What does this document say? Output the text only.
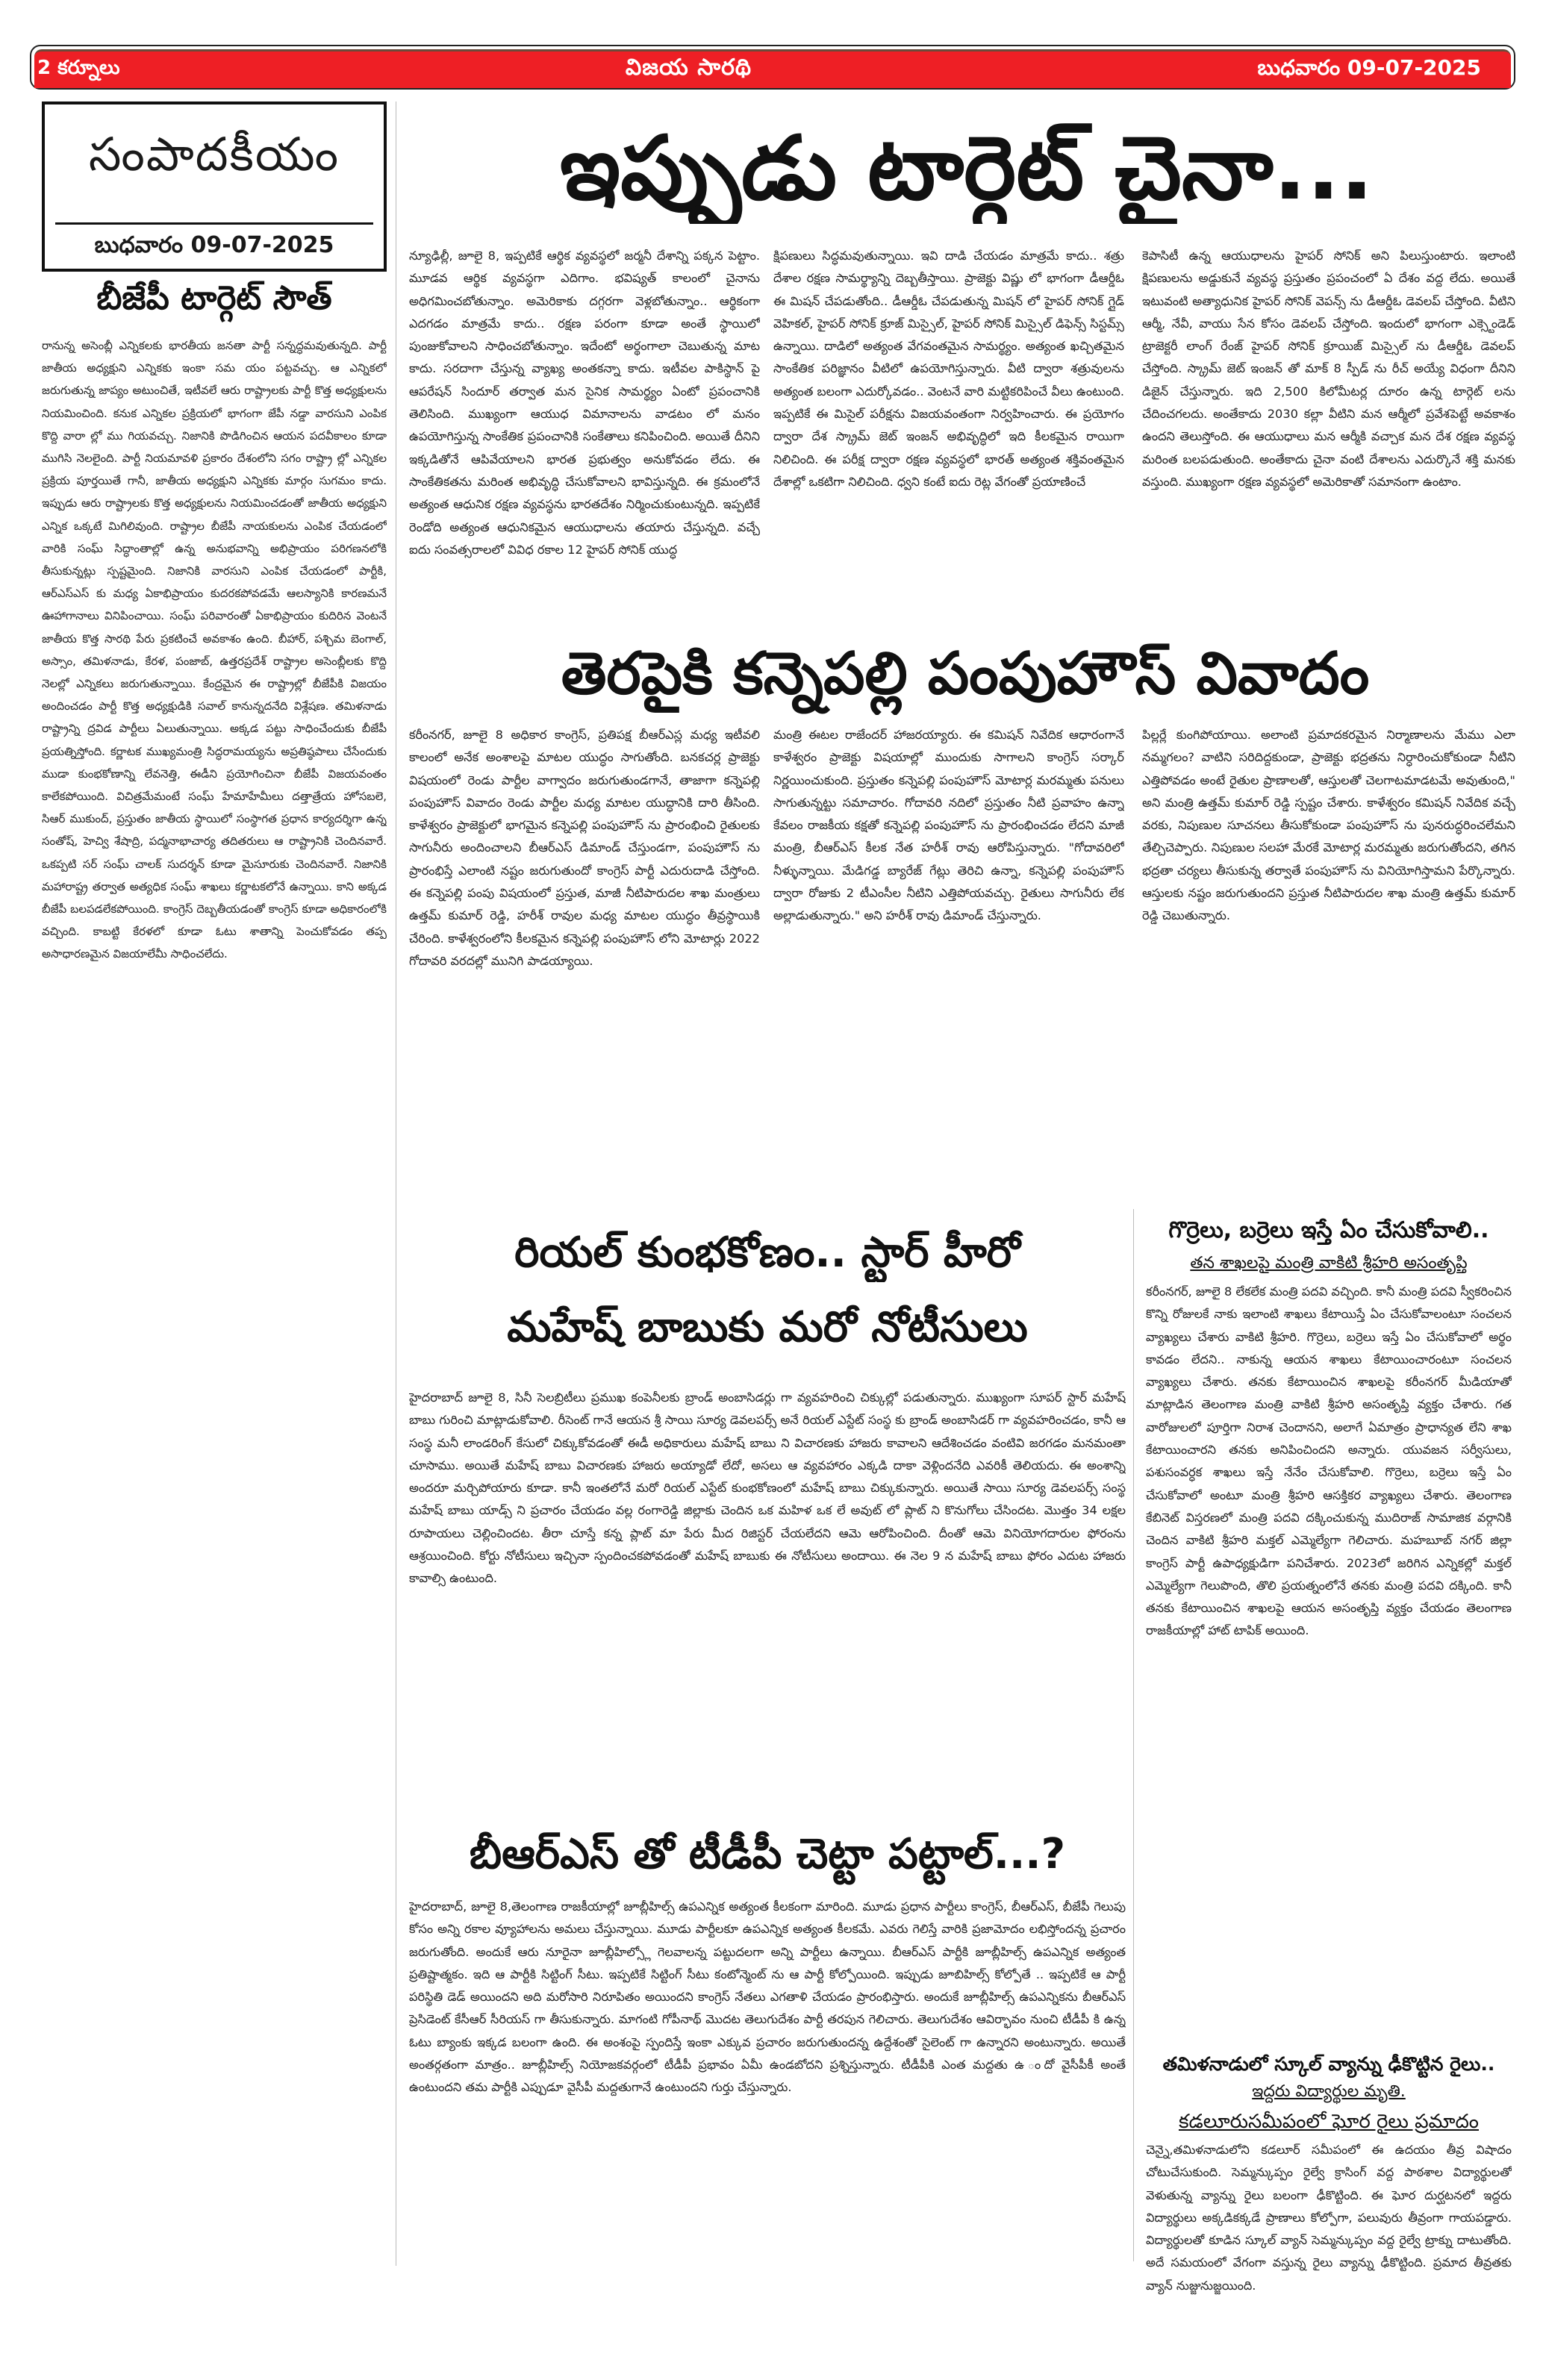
2 కర్నూలు	విజయ సారథి	బుధవారం 09-07-2025
సంపాదకీయం
బుధవారం 09-07-2025
బీజేపీ టార్గెట్ సౌత్
రానున్న అసెంబ్లీ ఎన్నికలకు భారతీయ జనతా పార్టీ సన్నద్ధమవుతున్నది. పార్టీ జాతీయ అధ్యక్షుని ఎన్నికకు ఇంకా సమ యం పట్టవచ్చు. ఆ ఎన్నికలో జరుగుతున్న జాప్యం అటుంచితే, ఇటీవలే ఆరు రాష్ట్రాలకు పార్టీ కొత్త అధ్యక్షులను నియమించింది. కనుక ఎన్నికల ప్రక్రియలో భాగంగా జేపీ నడ్డా వారసుని ఎంపిక కొద్ది వారా ల్లో ము గియవచ్చు. నిజానికి పొడిగించిన ఆయన పదవీకాలం కూడా ముగిసి నెలలైంది. పార్టీ నియమావళి ప్రకారం దేశంలోని సగం రాష్ట్రా ల్లో ఎన్నికల ప్రక్రియ పూర్తయితే గానీ, జాతీయ అధ్యక్షుని ఎన్నికకు మార్గం సుగమం కాదు. ఇప్పుడు ఆరు రాష్ట్రాలకు కొత్త అధ్యక్షులను నియమించడంతో జాతీయ అధ్యక్షుని ఎన్నిక ఒక్కటే మిగిలివుంది. రాష్ట్రాల బీజేపీ నాయకులను ఎంపిక చేయడంలో వారికి సంఘ్ సిద్ధాంతాల్లో ఉన్న అనుభవాన్ని అభిప్రాయం పరిగణనలోకి తీసుకున్నట్లు స్పష్టమైంది. నిజానికి వారసుని ఎంపిక చేయడంలో పార్టీకి, ఆర్ఎస్ఎస్ కు మధ్య ఏకాభిప్రాయం కుదరకపోవడమే ఆలస్యానికి కారణమనే ఊహాగానాలు వినిపించాయి. సంఘ్ పరివారంతో ఏకాభిప్రాయం కుదిరిన వెంటనే జాతీయ కొత్త సారథి పేరు ప్రకటించే అవకాశం ఉంది. బీహార్, పశ్చిమ బెంగాల్, అస్సాం, తమిళనాడు, కేరళ, పంజాబ్, ఉత్తరప్రదేశ్ రాష్ట్రాల అసెంబ్లీలకు కొద్ది నెలల్లో ఎన్నికలు జరుగుతున్నాయి. కేంద్రమైన ఈ రాష్ట్రాల్లో బీజేపీకి విజయం అందించడం పార్టీ కొత్త అధ్యక్షుడికి సవాల్ కానున్నదనేది విశ్లేషణ. తమిళనాడు రాష్ట్రాన్ని ద్రవిడ పార్టీలు ఏలుతున్నాయి. అక్కడ పట్టు సాధించేందుకు బీజేపీ ప్రయత్నిస్తోంది. కర్ణాటక ముఖ్యమంత్రి సిద్ధరామయ్యను అప్రతిష్ఠపాలు చేసేందుకు ముడా కుంభకోణాన్ని లేవనెత్తి, ఈడీని ప్రయోగించినా బీజేపీ విజయవంతం కాలేకపోయింది. విచిత్రమేమంటే సంఘ్ హేమాహేమీలు దత్తాత్రేయ హోసబలె, సిఆర్ ముకుంద్, ప్రస్తుతం జాతీయ స్థాయిలో సంస్థాగత ప్రధాన కార్యదర్శిగా ఉన్న సంతోష్, హెచ్వి శేషాద్రి, పద్మనాభాచార్య తదితరులు ఆ రాష్ట్రానికి చెందినవారే. ఒకప్పటి సర్ సంఘ్ చాలక్ సుదర్శన్ కూడా మైసూరుకు చెందినవారే. నిజానికి మహారాష్ట్ర తర్వాత అత్యధిక సంఘ్ శాఖలు కర్ణాటకలోనే ఉన్నాయి. కాని అక్కడ బీజేపీ బలపడలేకపోయింది. కాంగ్రెస్ దెబ్బతీయడంతో కాంగ్రెస్ కూడా అధికారంలోకి వచ్చింది. కాబట్టి కేరళలో కూడా ఓటు శాతాన్ని పెంచుకోవడం తప్ప అసాధారణమైన విజయాలేమీ సాధించలేదు.
ఇప్పుడు టార్గెట్ చైనా...
న్యూఢిల్లీ, జూలై 8, ఇప్పటికే ఆర్థిక వ్యవస్థలో జర్మనీ దేశాన్ని పక్కన పెట్టాం. మూడవ ఆర్థిక వ్యవస్థగా ఎదిగాం. భవిష్యత్ కాలంలో చైనాను అధిగమించబోతున్నాం. అమెరికాకు దగ్గరగా వెళ్లబోతున్నాం.. ఆర్థికంగా ఎదగడం మాత్రమే కాదు.. రక్షణ పరంగా కూడా అంతే స్థాయిలో పుంజుకోవాలని సాధించబోతున్నాం. ఇదేంటో అర్థంగాలా చెబుతున్న మాట కాదు. సరదాగా చేస్తున్న వ్యాఖ్య అంతకన్నా కాదు. ఇటీవల పాకిస్థాన్ పై ఆపరేషన్ సిందూర్ తర్వాత మన సైనిక సామర్థ్యం ఏంటో ప్రపంచానికి తెలిసింది. ముఖ్యంగా ఆయుధ విమానాలను వాడటం లో మనం ఉపయోగిస్తున్న సాంకేతిక ప్రపంచానికి సంకేతాలు కనిపించింది. అయితే దీనిని ఇక్కడితోనే ఆపివేయాలని భారత ప్రభుత్వం అనుకోవడం లేదు. ఈ సాంకేతికతను మరింత అభివృద్ధి చేసుకోవాలని భావిస్తున్నది. ఈ క్రమంలోనే అత్యంత ఆధునిక రక్షణ వ్యవస్థను భారతదేశం నిర్మించుకుంటున్నది. ఇప్పటికే రెండోది అత్యంత ఆధునికమైన ఆయుధాలను తయారు చేస్తున్నది. వచ్చే ఐదు సంవత్సరాలలో వివిధ రకాల 12 హైపర్ సోనిక్ యుద్ధ
క్షిపణులు సిద్ధమవుతున్నాయి. ఇవి దాడి చేయడం మాత్రమే కాదు.. శత్రు దేశాల రక్షణ సామర్థ్యాన్ని దెబ్బతీస్తాయి. ప్రాజెక్టు విష్ణు లో భాగంగా డీఆర్డీఓ ఈ మిషన్ చేపడుతోంది.. డీఆర్డీఓ చేపడుతున్న మిషన్ లో హైపర్ సోనిక్ గ్లైడ్ వెహికల్, హైపర్ సోనిక్ క్రూజ్ మిస్సైల్, హైపర్ సోనిక్ మిస్సైల్ డిఫెన్స్ సిస్టమ్స్ ఉన్నాయి. దాడిలో అత్యంత వేగవంతమైన సామర్థ్యం. అత్యంత ఖచ్చితమైన సాంకేతిక పరిజ్ఞానం వీటిలో ఉపయోగిస్తున్నారు. వీటి ద్వారా శత్రువులను అత్యంత బలంగా ఎదుర్కోవడం.. వెంటనే వారి మట్టికరిపించే వీలు ఉంటుంది. ఇప్పటికే ఈ మిసైల్ పరీక్షను విజయవంతంగా నిర్వహించారు. ఈ ప్రయోగం ద్వారా దేశ స్క్రామ్ జెట్ ఇంజన్ అభివృద్ధిలో ఇది కీలకమైన రాయిగా నిలిచింది. ఈ పరీక్ష ద్వారా రక్షణ వ్యవస్థలో భారత్ అత్యంత శక్తివంతమైన దేశాల్లో ఒకటిగా నిలిచింది. ధ్వని కంటే ఐదు రెట్ల వేగంతో ప్రయాణించే
కెపాసిటీ ఉన్న ఆయుధాలను హైపర్ సోనిక్ అని పిలుస్తుంటారు. ఇలాంటి క్షిపణులను అడ్డుకునే వ్యవస్థ ప్రస్తుతం ప్రపంచంలో ఏ దేశం వద్ద లేదు. అయితే ఇటువంటి అత్యాధునిక హైపర్ సోనిక్ వెపన్స్ ను డీఆర్డీఓ డెవలప్ చేస్తోంది. వీటిని ఆర్మీ, నేవీ, వాయు సేన కోసం డెవలప్ చేస్తోంది. ఇందులో భాగంగా ఎక్స్టెండెడ్ ట్రాజెక్టరీ లాంగ్ రేంజ్ హైపర్ సోనిక్ క్రూయిజ్ మిస్సైల్ ను డీఆర్డీఓ డెవలప్ చేస్తోంది. స్క్రామ్ జెట్ ఇంజన్ తో మాక్ 8 స్పీడ్ ను రీచ్ అయ్యే విధంగా దీనిని డిజైన్ చేస్తున్నారు. ఇది 2,500 కిలోమీటర్ల దూరం ఉన్న టార్గెట్ లను చేదించగలదు. అంతేకాదు 2030 కల్లా వీటిని మన ఆర్మీలో ప్రవేశపెట్టే అవకాశం ఉందని తెలుస్తోంది. ఈ ఆయుధాలు మన ఆర్మీకి వచ్చాక మన దేశ రక్షణ వ్యవస్థ మరింత బలపడుతుంది. అంతేకాదు చైనా వంటి దేశాలను ఎదుర్కొనే శక్తి మనకు వస్తుంది. ముఖ్యంగా రక్షణ వ్యవస్థలో అమెరికాతో సమానంగా ఉంటాం.
తెరపైకి కన్నెపల్లి పంపుహౌస్ వివాదం
కరీంనగర్, జూలై 8 అధికార కాంగ్రెస్, ప్రతిపక్ష బీఆర్ఎస్ల మధ్య ఇటీవలి కాలంలో అనేక అంశాలపై మాటల యుద్ధం సాగుతోంది. బనకచర్ల ప్రాజెక్టు విషయంలో రెండు పార్టీల వాగ్వాదం జరుగుతుండగానే, తాజాగా కన్నెపల్లి పంపుహౌస్ వివాదం రెండు పార్టీల మధ్య మాటల యుద్ధానికి దారి తీసింది. కాళేశ్వరం ప్రాజెక్టులో భాగమైన కన్నెపల్లి పంపుహౌస్ ను ప్రారంభించి రైతులకు సాగునీరు అందించాలని బీఆర్ఎస్ డిమాండ్ చేస్తుండగా, పంపుహౌస్ ను ప్రారంభిస్తే ఎలాంటి నష్టం జరుగుతుందో కాంగ్రెస్ పార్టీ ఎదురుదాడి చేస్తోంది. ఈ కన్నెపల్లి పంపు విషయంలో ప్రస్తుత, మాజీ నీటిపారుదల శాఖ మంత్రులు ఉత్తమ్ కుమార్ రెడ్డి, హరీశ్ రావుల మధ్య మాటల యుద్ధం తీవ్రస్థాయికి చేరింది. కాళేశ్వరంలోని కీలకమైన కన్నెపల్లి పంపుహౌస్ లోని మోటార్లు 2022 గోదావరి వరదల్లో మునిగి పాడయ్యాయి.
మంత్రి ఈటల రాజేందర్ హాజరయ్యారు. ఈ కమిషన్ నివేదిక ఆధారంగానే కాళేశ్వరం ప్రాజెక్టు విషయాల్లో ముందుకు సాగాలని కాంగ్రెస్ సర్కార్ నిర్ణయించుకుంది. ప్రస్తుతం కన్నెపల్లి పంపుహౌస్ మోటార్ల మరమ్మతు పనులు సాగుతున్నట్టు సమాచారం. గోదావరి నదిలో ప్రస్తుతం నీటి ప్రవాహం ఉన్నా కేవలం రాజకీయ కక్షతో కన్నెపల్లి పంపుహౌస్ ను ప్రారంభించడం లేదని మాజీ మంత్రి, బీఆర్ఎస్ కీలక నేత హరీశ్ రావు ఆరోపిస్తున్నారు. "గోదావరిలో నీళ్ళున్నాయి. మేడిగడ్డ బ్యారేజ్ గేట్లు తెరిచి ఉన్నా, కన్నెపల్లి పంపుహౌస్ ద్వారా రోజుకు 2 టీఎంసీల నీటిని ఎత్తిపోయవచ్చు. రైతులు సాగునీరు లేక అల్లాడుతున్నారు." అని హరీశ్ రావు డిమాండ్ చేస్తున్నారు.
పిల్లర్లే కుంగిపోయాయి. అలాంటి ప్రమాదకరమైన నిర్మాణాలను మేము ఎలా నమ్మగలం? వాటిని సరిదిద్దకుండా, ప్రాజెక్టు భద్రతను నిర్ధారించుకోకుండా నీటిని ఎత్తిపోవడం అంటే రైతుల ప్రాణాలతో, ఆస్తులతో చెలగాటమాడటమే అవుతుంది," అని మంత్రి ఉత్తమ్ కుమార్ రెడ్డి స్పష్టం చేశారు. కాళేశ్వరం కమిషన్ నివేదిక వచ్చే వరకు, నిపుణుల సూచనలు తీసుకోకుండా పంపుహౌస్ ను పునరుద్ధరించలేమని తేల్చిచెప్పారు. నిపుణుల సలహా మేరకే మోటార్ల మరమ్మతు జరుగుతోందని, తగిన భద్రతా చర్యలు తీసుకున్న తర్వాతే పంపుహౌస్ ను వినియోగిస్తామని పేర్కొన్నారు. ఆస్తులకు నష్టం జరుగుతుందని ప్రస్తుత నీటిపారుదల శాఖ మంత్రి ఉత్తమ్ కుమార్ రెడ్డి చెబుతున్నారు.
రియల్ కుంభకోణం.. స్టార్ హీరో
మహేష్ బాబుకు మరో నోటీసులు
హైదరాబాద్ జూలై 8, సినీ సెలబ్రిటీలు ప్రముఖ కంపెనీలకు బ్రాండ్ అంబాసిడర్లు గా వ్యవహరించి చిక్కుల్లో పడుతున్నారు. ముఖ్యంగా సూపర్ స్టార్ మహేష్ బాబు గురించి మాట్లాడుకోవాలి. రీసెంట్ గానే ఆయన శ్రీ సాయి సూర్య డెవలపర్స్ అనే రియల్ ఎస్టేట్ సంస్థ కు బ్రాండ్ అంబాసిడర్ గా వ్యవహరించడం, కానీ ఆ సంస్థ మనీ లాండరింగ్ కేసులో చిక్కుకోవడంతో ఈడీ అధికారులు మహేష్ బాబు ని విచారణకు హాజరు కావాలని ఆదేశించడం వంటివి జరగడం మనమంతా చూసాము. అయితే మహేష్ బాబు విచారణకు హాజరు అయ్యాడో లేదో, అసలు ఆ వ్యవహారం ఎక్కడి దాకా వెళ్లిందనేది ఎవరికీ తెలియదు. ఈ అంశాన్ని అందరూ మర్చిపోయారు కూడా. కానీ ఇంతలోనే మరో రియల్ ఎస్టేట్ కుంభకోణంలో మహేష్ బాబు చిక్కుకున్నారు. అయితే సాయి సూర్య డెవలపర్స్ సంస్థ మహేష్ బాబు యాడ్స్ ని ప్రచారం చేయడం వల్ల రంగారెడ్డి జిల్లాకు చెందిన ఒక మహిళ ఒక లే అవుట్ లో ప్లాట్ ని కొనుగోలు చేసిందట. మొత్తం 34 లక్షల రూపాయలు చెల్లించిందట. తీరా చూస్తే కన్న ప్లాట్ మా పేరు మీద రిజిస్టర్ చేయలేదని ఆమె ఆరోపించింది. దీంతో ఆమె వినియోగదారుల ఫోరంను ఆశ్రయించింది. కోర్టు నోటీసులు ఇచ్చినా స్పందించకపోవడంతో మహేష్ బాబుకు ఈ నోటీసులు అందాయి. ఈ నెల 9 న మహేష్ బాబు ఫోరం ఎదుట హాజరు కావాల్సి ఉంటుంది.
బీఆర్ఎస్ తో టీడీపీ చెట్టా పట్టాల్...?
హైదరాబాద్, జూలై 8,తెలంగాణ రాజకీయాల్లో జూబ్లీహిల్స్ ఉపఎన్నిక అత్యంత కీలకంగా మారింది. మూడు ప్రధాన పార్టీలు కాంగ్రెస్, బీఆర్ఎస్, బీజేపీ గెలుపు కోసం అన్ని రకాల వ్యూహాలను అమలు చేస్తున్నాయి. మూడు పార్టీలకూ ఉపఎన్నిక అత్యంత కీలకమే. ఎవరు గెలిస్తే వారికి ప్రజామోదం లభిస్తోందన్న ప్రచారం జరుగుతోంది. అందుకే ఆరు నూరైనా జూబ్లీహిల్స్లో గెలవాలన్న పట్టుదలగా అన్ని పార్టీలు ఉన్నాయి. బీఆర్ఎస్ పార్టీకి జూబ్లీహిల్స్ ఉపఎన్నిక అత్యంత ప్రతిష్టాత్మకం. ఇది ఆ పార్టీకి సిట్టింగ్ సీటు. ఇప్పటికే సిట్టింగ్ సీటు కంటోన్మెంట్ ను ఆ పార్టీ కోల్పోయింది. ఇప్పుడు జూబిహిల్స్ కోల్పోతే .. ఇప్పటికే ఆ పార్టీ పరిస్థితి డెడ్ అయిందని అది మరోసారి నిరూపితం అయిందని కాంగ్రెస్ నేతలు ఎగతాళి చేయడం ప్రారంభిస్తారు. అందుకే జూబ్లీహిల్స్ ఉపఎన్నికను బీఆర్ఎస్ ప్రెసిడెంట్ కేసీఆర్ సీరియస్ గా తీసుకున్నారు. మాగంటి గోపీనాథ్ మొదట తెలుగుదేశం పార్టీ తరపున గెలిచారు. తెలుగుదేశం ఆవిర్భావం నుంచి టీడీపీ కి ఉన్న ఓటు బ్యాంకు ఇక్కడ బలంగా ఉంది. ఈ అంశంపై స్పందిస్తే ఇంకా ఎక్కువ ప్రచారం జరుగుతుందన్న ఉద్దేశంతో సైలెంట్ గా ఉన్నారని అంటున్నారు. అయితే అంతర్గతంగా మాత్రం.. జూబ్లీహిల్స్ నియోజకవర్గంలో టీడీపీ ప్రభావం ఏమీ ఉండబోదని ప్రశ్నిస్తున్నారు. టీడీపీకి ఎంత మద్దతు ఉ ందో వైసీపీకీ అంతే ఉంటుందని తమ పార్టీకి ఎప్పుడూ వైసీపీ మద్దతుగానే ఉంటుందని గుర్తు చేస్తున్నారు.
గొర్రెలు, బర్రెలు ఇస్తే ఏం చేసుకోవాలి..
తన శాఖలపై మంత్రి వాకిటి శ్రీహరి అసంతృప్తి
కరీంనగర్, జూలై 8 లేకలేక మంత్రి పదవి వచ్చింది. కానీ మంత్రి పదవి స్వీకరించిన కొన్ని రోజులకే నాకు ఇలాంటి శాఖలు కేటాయిస్తే ఏం చేసుకోవాలంటూ సంచలన వ్యాఖ్యలు చేశారు వాకిటి శ్రీహరి. గొర్రెలు, బర్రెలు ఇస్తే ఏం చేసుకోవాలో అర్థం కావడం లేదని.. నాకున్న ఆయన శాఖలు కేటాయించారంటూ సంచలన వ్యాఖ్యలు చేశారు. తనకు కేటాయించిన శాఖలపై కరీంనగర్ మీడియాతో మాట్లాడిన తెలంగాణ మంత్రి వాకిటి శ్రీహరి అసంతృప్తి వ్యక్తం చేశారు. గత వారోజులలో పూర్తిగా నిరాశ చెందానని, అలాగే ఏమాత్రం ప్రాధాన్యత లేని శాఖ కేటాయించారని తనకు అనిపించిందని అన్నారు. యువజన సర్వీసులు, పశుసంవర్ధక శాఖలు ఇస్తే నేనేం చేసుకోవాలి. గొర్రెలు, బర్రెలు ఇస్తే ఏం చేసుకోవాలో అంటూ మంత్రి శ్రీహరి ఆసక్తికర వ్యాఖ్యలు చేశారు. తెలంగాణ కేబినెట్ విస్తరణలో మంత్రి పదవి దక్కించుకున్న ముదిరాజ్ సామాజిక వర్గానికి చెందిన వాకిటి శ్రీహరి మక్తల్ ఎమ్మెల్యేగా గెలిచారు. మహబూబ్ నగర్ జిల్లా కాంగ్రెస్ పార్టీ ఉపాధ్యక్షుడిగా పనిచేశారు. 2023లో జరిగిన ఎన్నికల్లో మక్తల్ ఎమ్మెల్యేగా గెలుపొంది, తొలి ప్రయత్నంలోనే తనకు మంత్రి పదవి దక్కింది. కానీ తనకు కేటాయించిన శాఖలపై ఆయన అసంతృప్తి వ్యక్తం చేయడం తెలంగాణ రాజకీయాల్లో హాట్ టాపిక్ అయింది.
తమిళనాడులో స్కూల్ వ్యాన్ను ఢీకొట్టిన రైలు..
ఇద్దరు విద్యార్థుల మృతి.
కడలూరుసమీపంలో ఘోర రైలు ప్రమాదం
చెన్నై,తమిళనాడులోని కడలూర్ సమీపంలో ఈ ఉదయం తీవ్ర విషాదం చోటుచేసుకుంది. సెమ్మన్కుప్పం రైల్వే క్రాసింగ్ వద్ద పాఠశాల విద్యార్థులతో వెళుతున్న వ్యాన్ను రైలు బలంగా ఢీకొట్టింది. ఈ ఘోర దుర్ఘటనలో ఇద్దరు విద్యార్థులు అక్కడికక్కడే ప్రాణాలు కోల్పోగా, పలువురు తీవ్రంగా గాయపడ్డారు. విద్యార్థులతో కూడిన స్కూల్ వ్యాన్ సెమ్మన్కుప్పం వద్ద రైల్వే ట్రాక్ను దాటుతోంది. అదే సమయంలో వేగంగా వస్తున్న రైలు వ్యాన్ను ఢీకొట్టింది. ప్రమాద తీవ్రతకు వ్యాన్ నుజ్జునుజ్జయింది.
